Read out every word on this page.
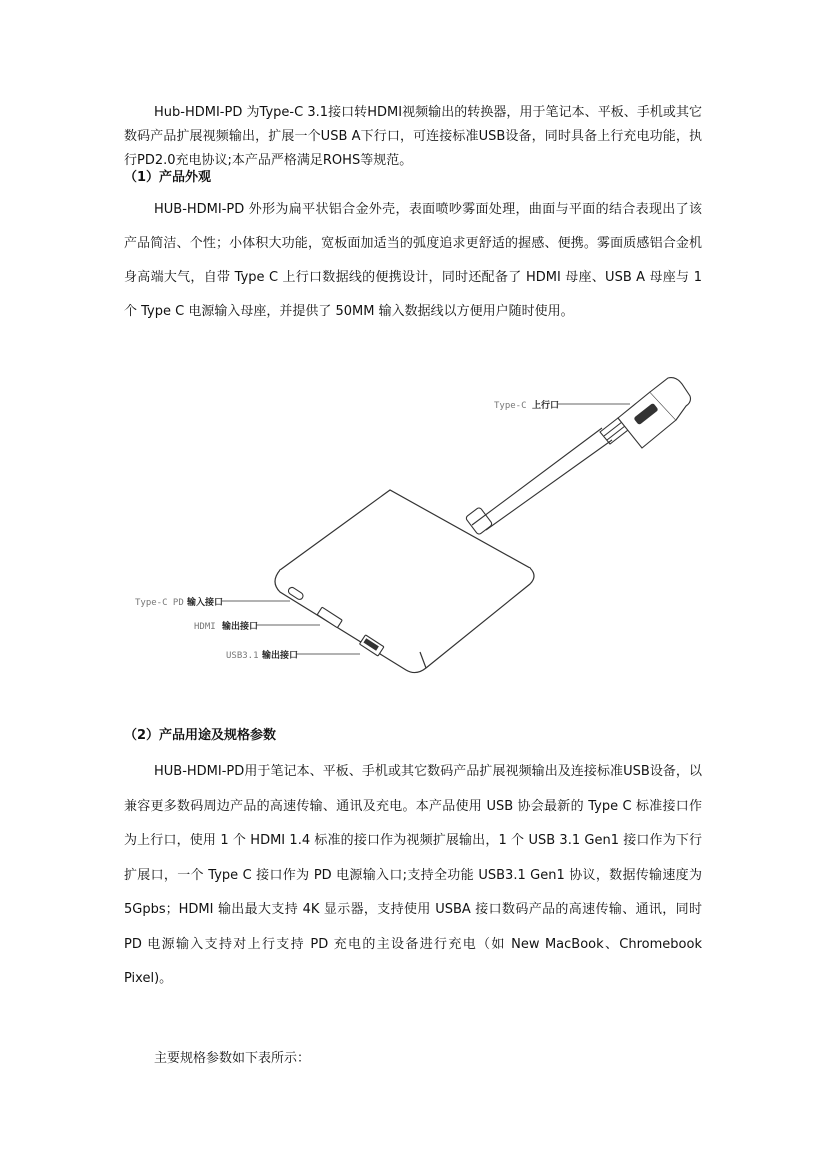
Hub-HDMI-PD 为Type-C 3.1接口转HDMI视频输出的转换器，用于笔记本、平板、手机或其它数码产品扩展视频输出，扩展一个USB A下行口，可连接标准USB设备，同时具备上行充电功能，执行PD2.0充电协议;本产品严格满足ROHS等规范。

（1）产品外观

HUB-HDMI-PD 外形为扁平状铝合金外壳，表面喷吵雾面处理，曲面与平面的结合表现出了该产品简洁、个性；小体积大功能，宽板面加适当的弧度追求更舒适的握感、便携。雾面质感铝合金机身高端大气，自带 Type C 上行口数据线的便携设计，同时还配备了 HDMI 母座、USB A 母座与 1 个 Type C 电源输入母座，并提供了 50MM 输入数据线以方便用户随时使用。

Type-C 上行口
Type-C PD 输入接口
HDMI 输出接口
USB3.1 输出接口

（2）产品用途及规格参数

HUB-HDMI-PD用于笔记本、平板、手机或其它数码产品扩展视频输出及连接标准USB设备，以兼容更多数码周边产品的高速传输、通讯及充电。本产品使用 USB 协会最新的 Type C 标准接口作为上行口，使用 1 个 HDMI 1.4 标准的接口作为视频扩展输出，1 个 USB 3.1 Gen1 接口作为下行扩展口，一个 Type C 接口作为 PD 电源输入口;支持全功能 USB3.1 Gen1 协议，数据传输速度为 5Gpbs；HDMI 输出最大支持 4K 显示器，支持使用 USBA 接口数码产品的高速传输、通讯，同时 PD 电源输入支持对上行支持 PD 充电的主设备进行充电（如 New MacBook、Chromebook Pixel)。

主要规格参数如下表所示：
